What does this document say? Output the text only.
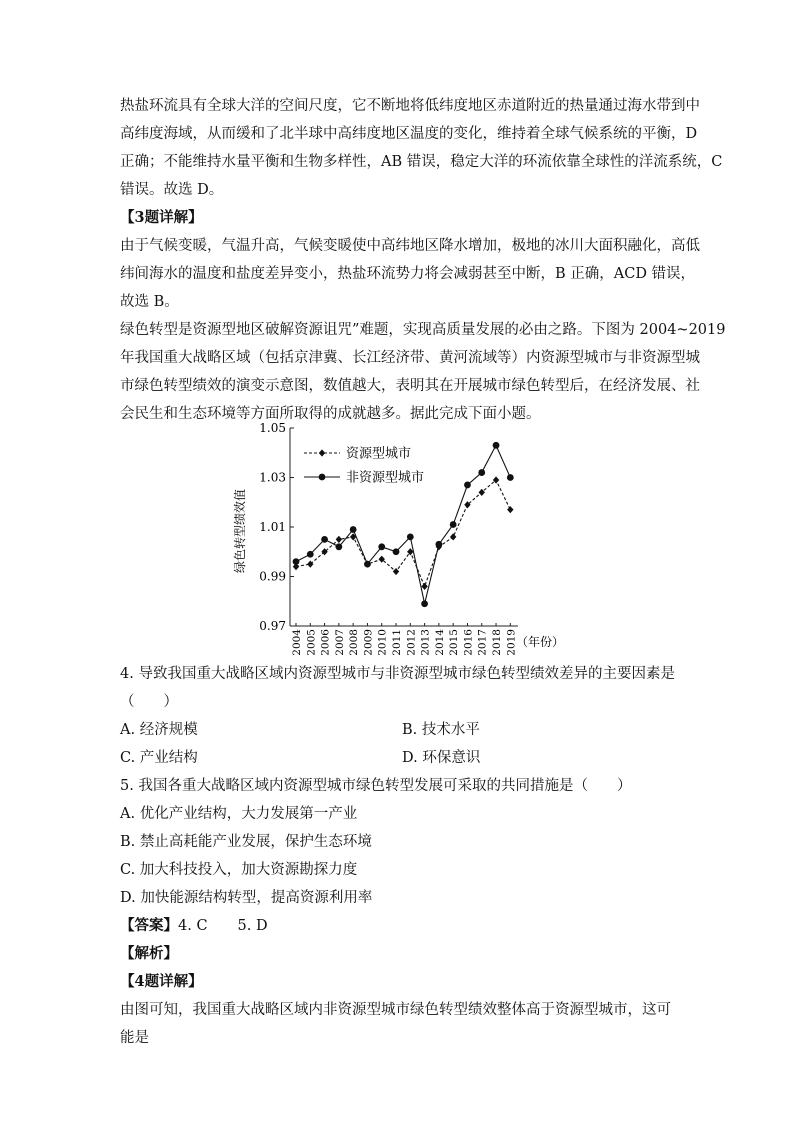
热盐环流具有全球大洋的空间尺度，它不断地将低纬度地区赤道附近的热量通过海水带到中
高纬度海域，从而缓和了北半球中高纬度地区温度的变化，维持着全球气候系统的平衡，D
正确；不能维持水量平衡和生物多样性，AB 错误，稳定大洋的环流依靠全球性的洋流系统，C
错误。故选 D。
【3题详解】
由于气候变暖，气温升高，气候变暖使中高纬地区降水增加，极地的冰川大面积融化，高低
纬间海水的温度和盐度差异变小，热盐环流势力将会减弱甚至中断，B 正确，ACD 错误，
故选 B。
绿色转型是资源型地区破解资源诅咒”难题，实现高质量发展的必由之路。下图为 2004~2019
年我国重大战略区域（包括京津冀、长江经济带、黄河流域等）内资源型城市与非资源型城
市绿色转型绩效的演变示意图，数值越大，表明其在开展城市绿色转型后，在经济发展、社
会民生和生态环境等方面所取得的成就越多。据此完成下面小题。
0.97
0.99
1.01
1.03
1.05
2004 2005 2006 2007 2008 2009 2010 2011 2012 2013 2014 2015 2016 2017 2018 2019
资源型城市
非资源型城市
绿色转型绩效值
（年份）
4. 导致我国重大战略区域内资源型城市与非资源型城市绿色转型绩效差异的主要因素是
（　　）
A. 经济规模	B. 技术水平
C. 产业结构	D. 环保意识
5. 我国各重大战略区域内资源型城市绿色转型发展可采取的共同措施是（　　）
A. 优化产业结构，大力发展第一产业
B. 禁止高耗能产业发展，保护生态环境
C. 加大科技投入，加大资源勘探力度
D. 加快能源结构转型，提高资源利用率
【答案】4. C 5. D
【解析】
【4题详解】
由图可知，我国重大战略区域内非资源型城市绿色转型绩效整体高于资源型城市，这可能是
